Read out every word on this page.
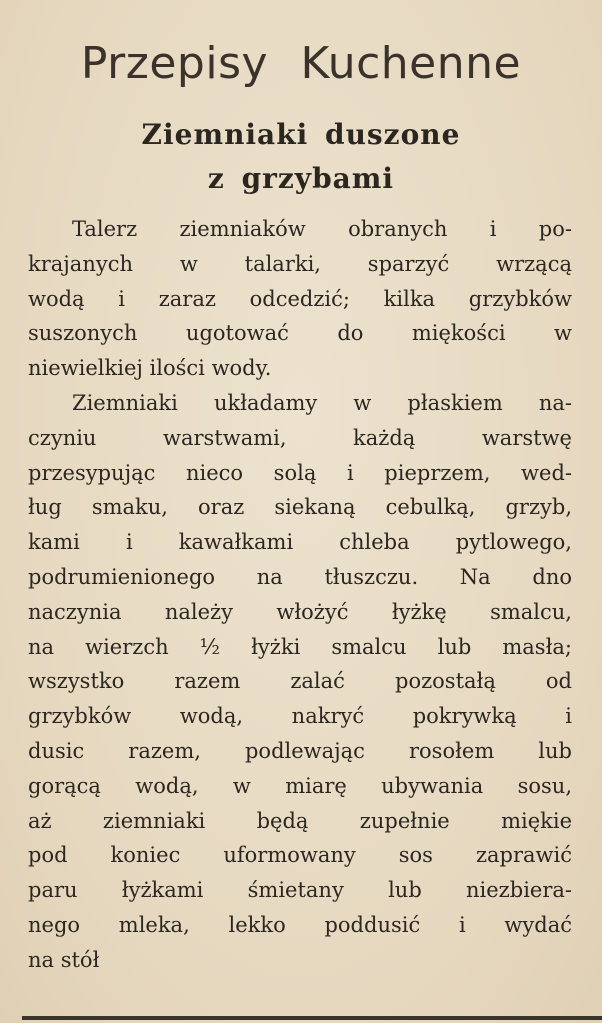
Przepisy Kuchenne
Ziemniaki duszone
z grzybami
Talerz ziemniaków obranych i po-
krajanych w talarki, sparzyć wrzącą
wodą i zaraz odcedzić; kilka grzybków
suszonych ugotować do miękości w
niewielkiej ilości wody.
Ziemniaki układamy w płaskiem na-
czyniu warstwami, każdą warstwę
przesypując nieco solą i pieprzem, wed-
ług smaku, oraz siekaną cebulką, grzyb,
kami i kawałkami chleba pytlowego,
podrumienionego na tłuszczu. Na dno
naczynia należy włożyć łyżkę smalcu,
na wierzch ½ łyżki smalcu lub masła;
wszystko razem zalać pozostałą od
grzybków wodą, nakryć pokrywką i
dusic razem, podlewając rosołem lub
gorącą wodą, w miarę ubywania sosu,
aż ziemniaki będą zupełnie miękie
pod koniec uformowany sos zaprawić
paru łyżkami śmietany lub niezbiera-
nego mleka, lekko poddusić i wydać
na stół
